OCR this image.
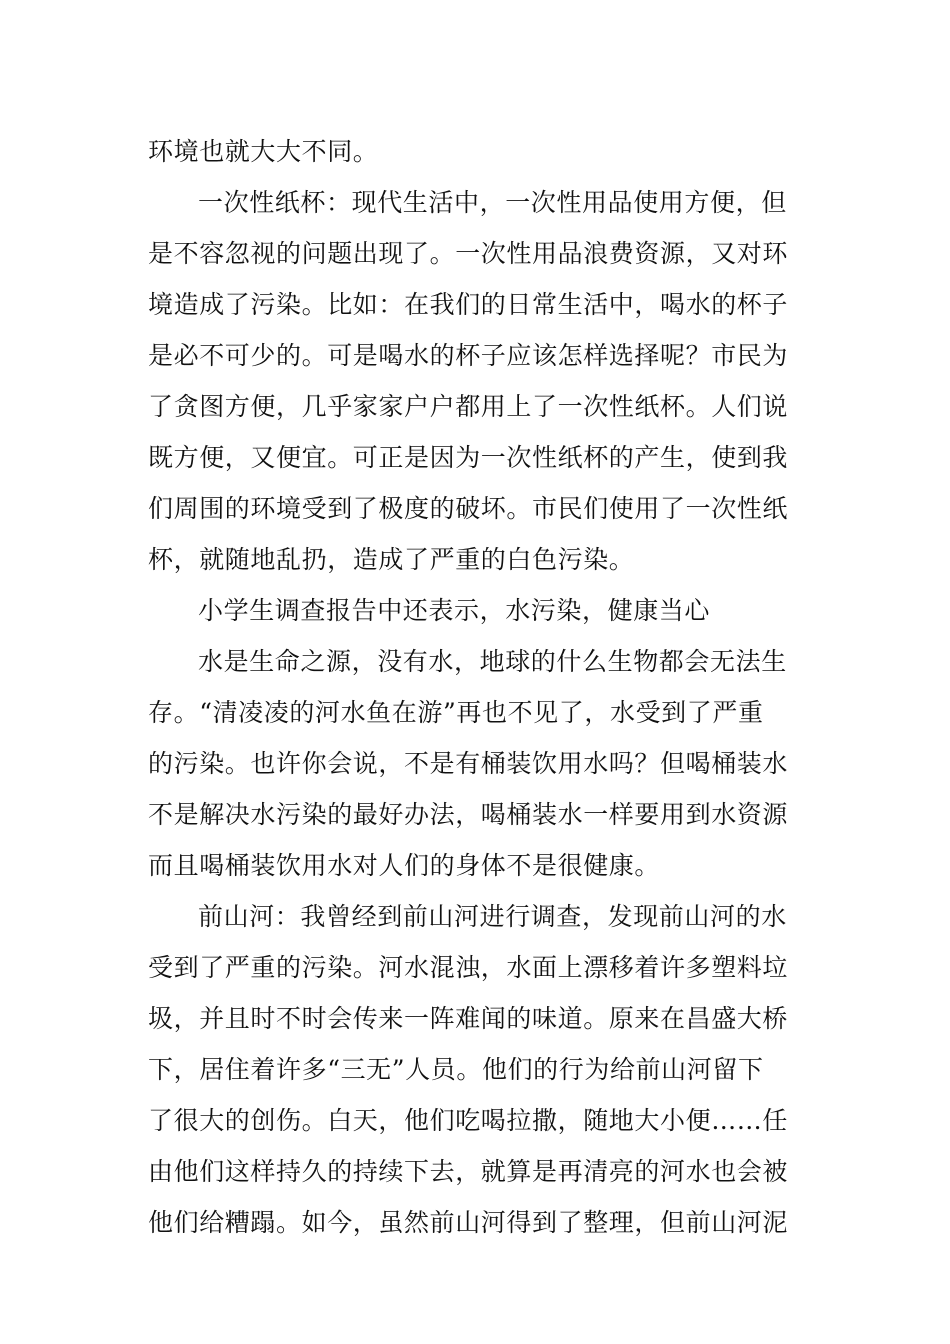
环境也就大大不同。
一次性纸杯：现代生活中，一次性用品使用方便，但
是不容忽视的问题出现了。一次性用品浪费资源，又对环
境造成了污染。比如：在我们的日常生活中，喝水的杯子
是必不可少的。可是喝水的杯子应该怎样选择呢？市民为
了贪图方便，几乎家家户户都用上了一次性纸杯。人们说
既方便，又便宜。可正是因为一次性纸杯的产生，使到我
们周围的环境受到了极度的破坏。市民们使用了一次性纸
杯，就随地乱扔，造成了严重的白色污染。
小学生调查报告中还表示，水污染，健康当心
水是生命之源，没有水，地球的什么生物都会无法生
存。“清凌凌的河水鱼在游”再也不见了，水受到了严重
的污染。也许你会说，不是有桶装饮用水吗？但喝桶装水
不是解决水污染的最好办法，喝桶装水一样要用到水资源
而且喝桶装饮用水对人们的身体不是很健康。
前山河：我曾经到前山河进行调查，发现前山河的水
受到了严重的污染。河水混浊，水面上漂移着许多塑料垃
圾，并且时不时会传来一阵难闻的味道。原来在昌盛大桥
下，居住着许多“三无”人员。他们的行为给前山河留下
了很大的创伤。白天，他们吃喝拉撒，随地大小便……任
由他们这样持久的持续下去，就算是再清亮的河水也会被
他们给糟蹋。如今，虽然前山河得到了整理，但前山河泥
